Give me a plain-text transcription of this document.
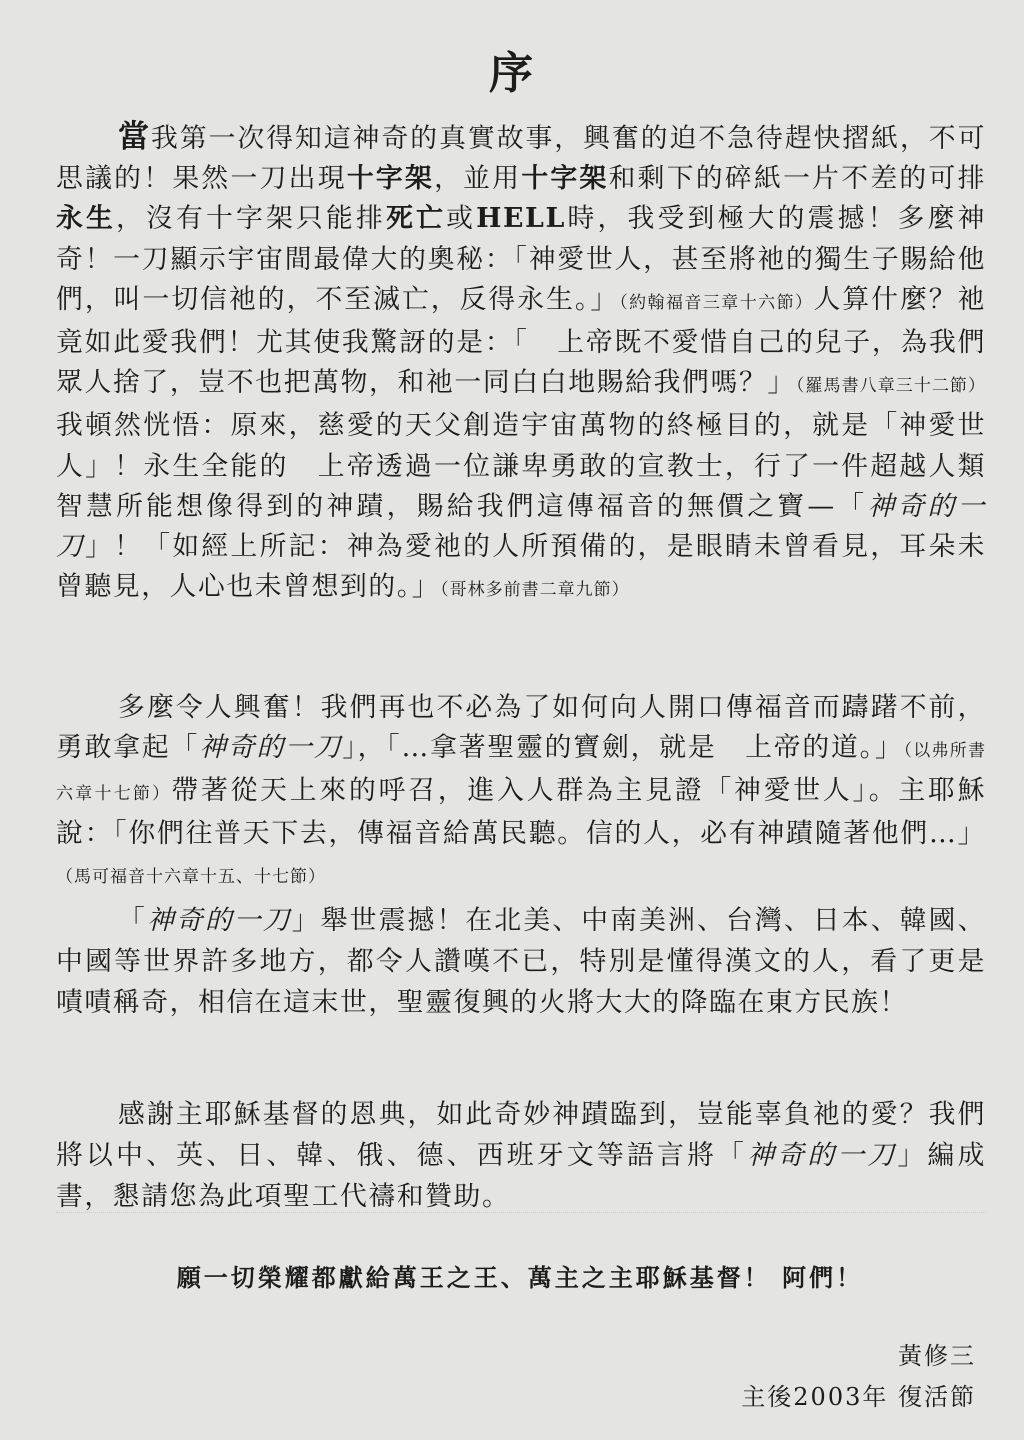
序

當我第一次得知這神奇的真實故事，興奮的迫不急待趕快摺紙，不可思議的！果然一刀出現十字架，並用十字架和剩下的碎紙一片不差的可排永生，沒有十字架只能排死亡或HELL時，我受到極大的震撼！多麼神奇！一刀顯示宇宙間最偉大的奧秘：「神愛世人，甚至將祂的獨生子賜給他們，叫一切信祂的，不至滅亡，反得永生。」（約翰福音三章十六節）人算什麼？祂竟如此愛我們！尤其使我驚訝的是：「　上帝既不愛惜自己的兒子，為我們眾人捨了，豈不也把萬物，和祂一同白白地賜給我們嗎？」（羅馬書八章三十二節）我頓然恍悟：原來，慈愛的天父創造宇宙萬物的終極目的，就是「神愛世人」！永生全能的　上帝透過一位謙卑勇敢的宣教士，行了一件超越人類智慧所能想像得到的神蹟，賜給我們這傳福音的無價之寶—「神奇的一刀」！「如經上所記：神為愛祂的人所預備的，是眼睛未曾看見，耳朵未曾聽見，人心也未曾想到的。」（哥林多前書二章九節）

多麼令人興奮！我們再也不必為了如何向人開口傳福音而躊躇不前，勇敢拿起「神奇的一刀」，「…拿著聖靈的寶劍，就是　上帝的道。」（以弗所書六章十七節）帶著從天上來的呼召，進入人群為主見證「神愛世人」。主耶穌說：「你們往普天下去，傳福音給萬民聽。信的人，必有神蹟隨著他們…」（馬可福音十六章十五、十七節）

「神奇的一刀」舉世震撼！在北美、中南美洲、台灣、日本、韓國、中國等世界許多地方，都令人讚嘆不已，特別是懂得漢文的人，看了更是嘖嘖稱奇，相信在這末世，聖靈復興的火將大大的降臨在東方民族！

感謝主耶穌基督的恩典，如此奇妙神蹟臨到，豈能辜負祂的愛？我們將以中、英、日、韓、俄、德、西班牙文等語言將「神奇的一刀」編成書，懇請您為此項聖工代禱和贊助。

願一切榮耀都獻給萬王之王、萬主之主耶穌基督！ 阿們！
黃修三
主後2003年 復活節
